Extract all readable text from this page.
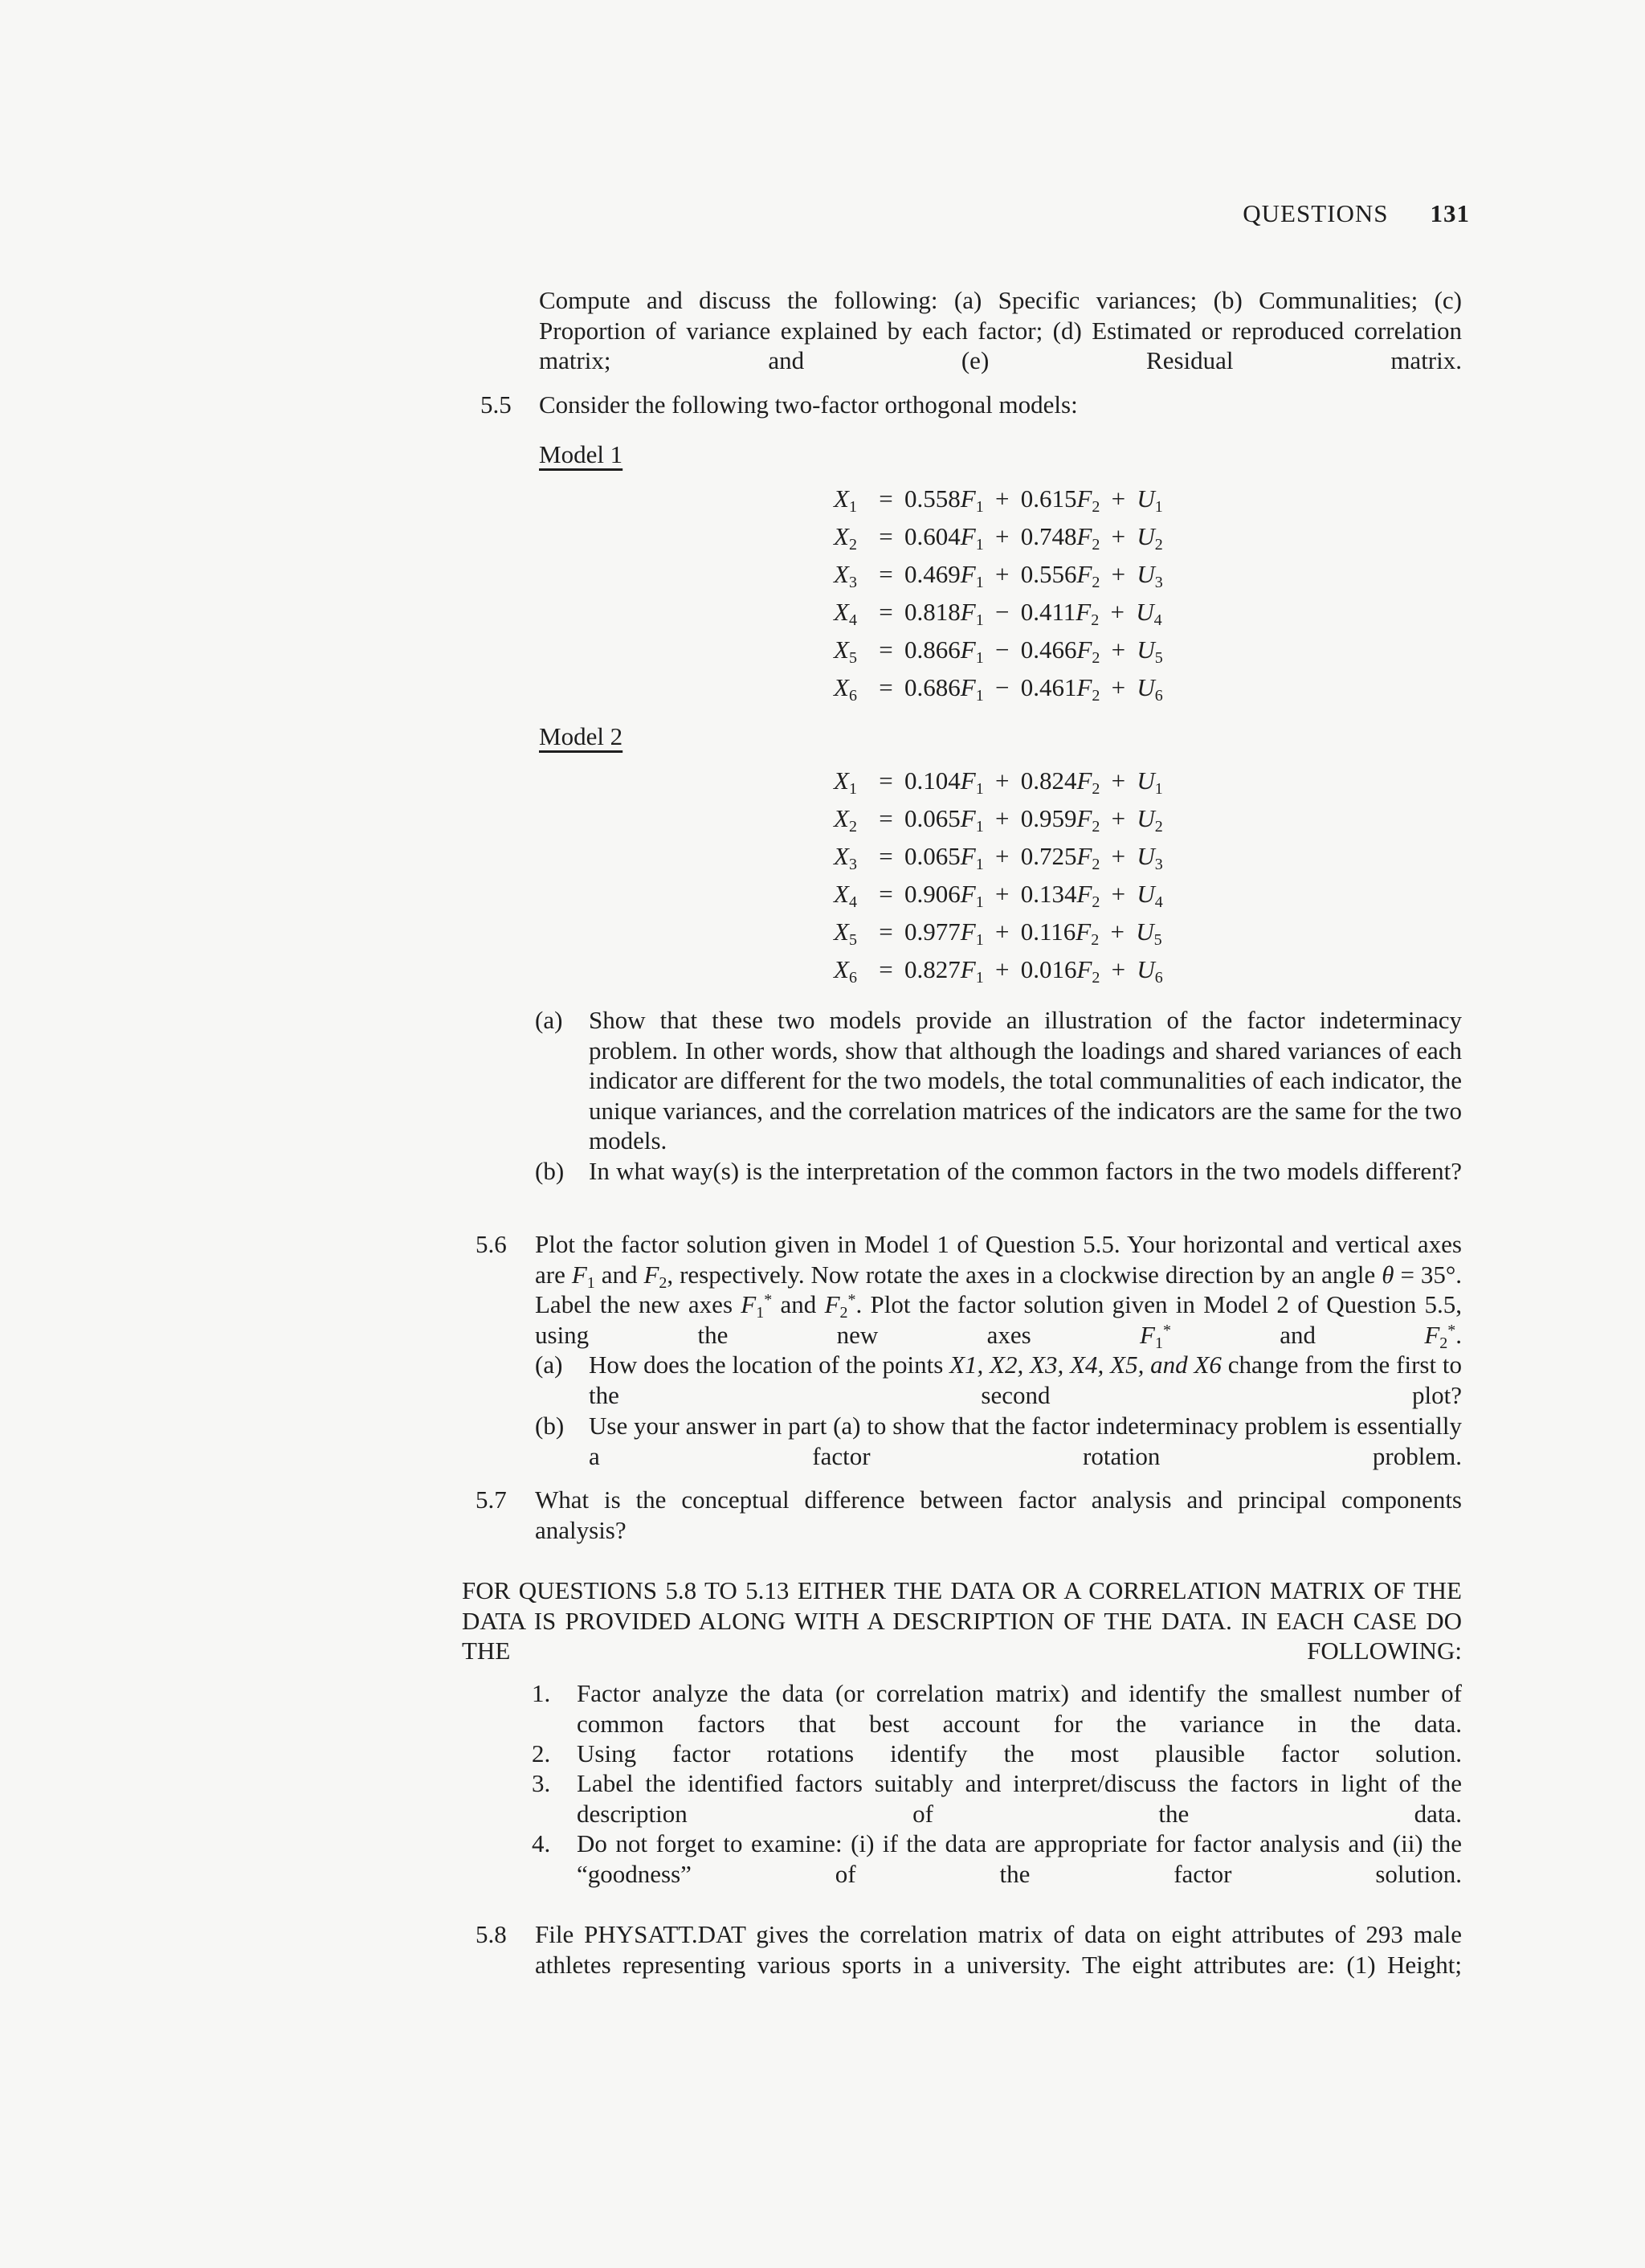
QUESTIONS 131
Compute and discuss the following: (a) Specific variances; (b) Communalities; (c) Proportion of variance explained by each factor; (d) Estimated or reproduced correlation matrix; and (e) Residual matrix.
5.5 Consider the following two-factor orthogonal models:
Model 1
$X_1 = 0.558F_1 + 0.615F_2 + U_1$
$X_2 = 0.604F_1 + 0.748F_2 + U_2$
$X_3 = 0.469F_1 + 0.556F_2 + U_3$
$X_4 = 0.818F_1 - 0.411F_2 + U_4$
$X_5 = 0.866F_1 - 0.466F_2 + U_5$
$X_6 = 0.686F_1 - 0.461F_2 + U_6$
Model 2
$X_1 = 0.104F_1 + 0.824F_2 + U_1$
$X_2 = 0.065F_1 + 0.959F_2 + U_2$
$X_3 = 0.065F_1 + 0.725F_2 + U_3$
$X_4 = 0.906F_1 + 0.134F_2 + U_4$
$X_5 = 0.977F_1 + 0.116F_2 + U_5$
$X_6 = 0.827F_1 + 0.016F_2 + U_6$
(a) Show that these two models provide an illustration of the factor indeterminacy problem. In other words, show that although the loadings and shared variances of each indicator are different for the two models, the total communalities of each indicator, the unique variances, and the correlation matrices of the indicators are the same for the two models.
(b) In what way(s) is the interpretation of the common factors in the two models different?
5.6 Plot the factor solution given in Model 1 of Question 5.5. Your horizontal and vertical axes are $F_1$ and $F_2$, respectively. Now rotate the axes in a clockwise direction by an angle θ = 35°. Label the new axes $F_1^*$ and $F_2^*$. Plot the factor solution given in Model 2 of Question 5.5, using the new axes	$F_1^*$	and	$F_2^*$.
(a) How does the location of the points X1, X2, X3, X4, X5, and X6 change from the first to the second plot?
(b) Use your answer in part (a) to show that the factor indeterminacy problem is essentially a factor rotation problem.
5.7 What is the conceptual difference between factor analysis and principal components analysis?
FOR QUESTIONS 5.8 TO 5.13 EITHER THE DATA OR A CORRELATION MATRIX OF THE DATA IS PROVIDED ALONG WITH A DESCRIPTION OF THE DATA. IN EACH CASE DO THE FOLLOWING:
1. Factor analyze the data (or correlation matrix) and identify the smallest number of common factors that best account for the variance in the data.
2. Using factor rotations identify the most plausible factor solution.
3. Label the identified factors suitably and interpret/discuss the factors in light of the description of the data.
4. Do not forget to examine: (i) if the data are appropriate for factor analysis and (ii) the “goodness” of the factor solution.
5.8 File PHYSATT.DAT gives the correlation matrix of data on eight attributes of 293 male athletes representing various sports in a university. The eight attributes are: (1) Height;
